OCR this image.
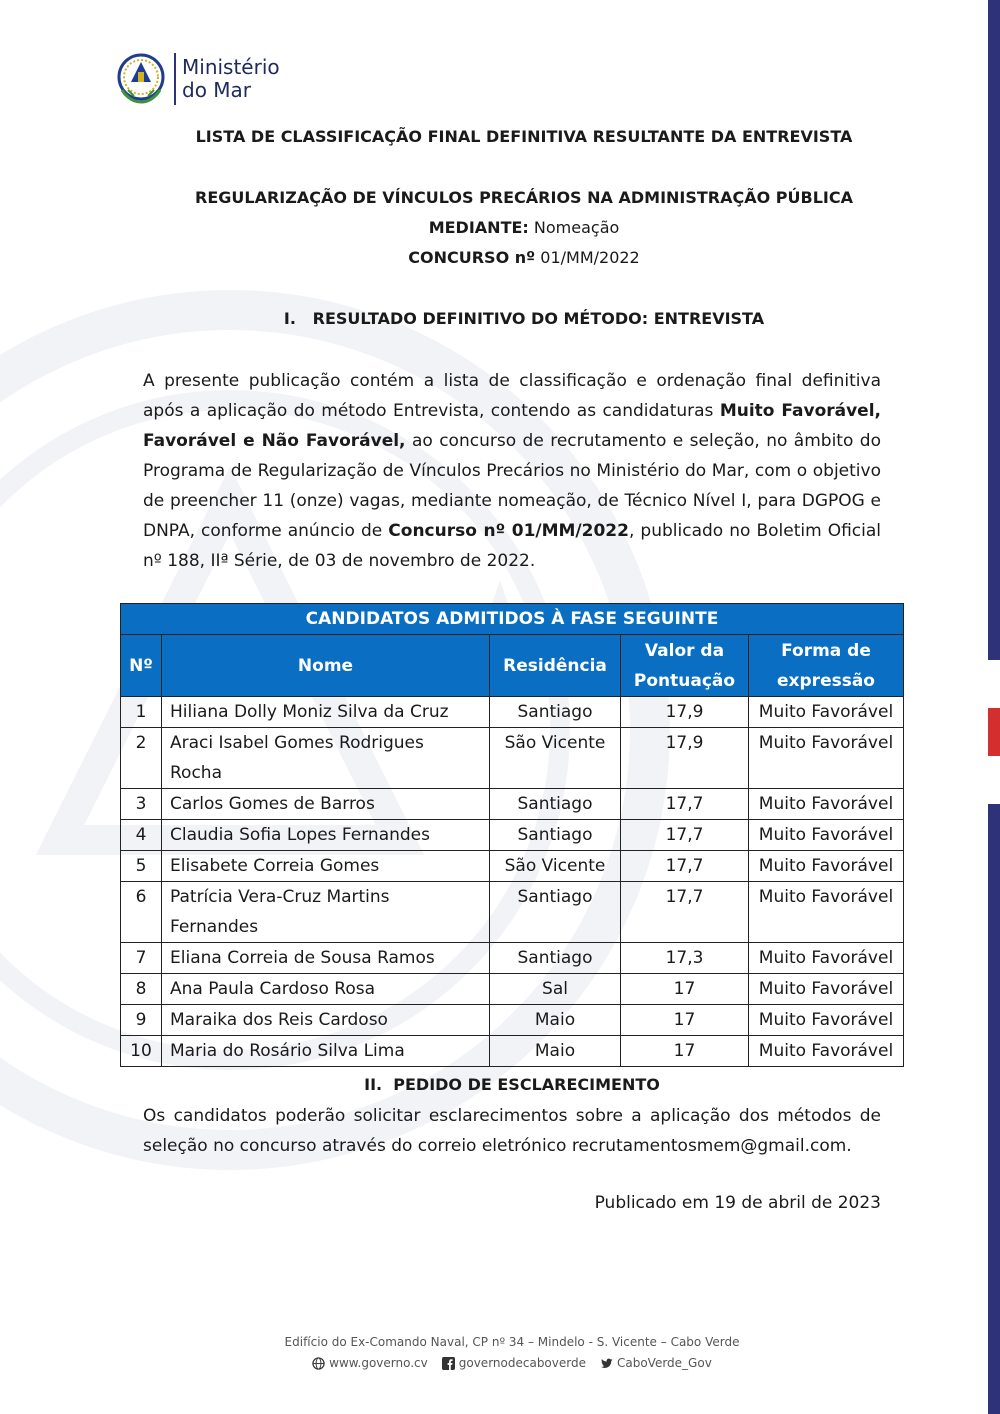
Ministério
do Mar
LISTA DE CLASSIFICAÇÃO FINAL DEFINITIVA RESULTANTE DA ENTREVISTA
REGULARIZAÇÃO DE VÍNCULOS PRECÁRIOS NA ADMINISTRAÇÃO PÚBLICA
MEDIANTE: Nomeação
CONCURSO nº 01/MM/2022
I.   RESULTADO DEFINITIVO DO MÉTODO: ENTREVISTA
A presente publicação contém a lista de classificação e ordenação final definitiva após a aplicação do método Entrevista, contendo as candidaturas Muito Favorável, Favorável e Não Favorável, ao concurso de recrutamento e seleção, no âmbito do Programa de Regularização de Vínculos Precários no Ministério do Mar, com o objetivo de preencher 11 (onze) vagas, mediante nomeação, de Técnico Nível I, para DGPOG e DNPA, conforme anúncio de Concurso nº 01/MM/2022, publicado no Boletim Oficial nº 188, IIª Série, de 03 de novembro de 2022.
CANDIDATOS ADMITIDOS À FASE SEGUINTE				
Nº	Nome	Residência	Valor da Pontuação	Forma de expressão
1	Hiliana Dolly Moniz Silva da Cruz	Santiago	17,9	Muito Favorável
2	Araci Isabel Gomes Rodrigues Rocha	São Vicente	17,9	Muito Favorável
3	Carlos Gomes de Barros	Santiago	17,7	Muito Favorável
4	Claudia Sofia Lopes Fernandes	Santiago	17,7	Muito Favorável
5	Elisabete Correia Gomes	São Vicente	17,7	Muito Favorável
6	Patrícia Vera-Cruz Martins Fernandes	Santiago	17,7	Muito Favorável
7	Eliana Correia de Sousa Ramos	Santiago	17,3	Muito Favorável
8	Ana Paula Cardoso Rosa	Sal	17	Muito Favorável
9	Maraika dos Reis Cardoso	Maio	17	Muito Favorável
10	Maria do Rosário Silva Lima	Maio	17	Muito Favorável
II.  PEDIDO DE ESCLARECIMENTO
Os candidatos poderão solicitar esclarecimentos sobre a aplicação dos métodos de seleção no concurso através do correio eletrónico recrutamentosmem@gmail.com.
Publicado em 19 de abril de 2023
Edifício do Ex-Comando Naval, CP nº 34 – Mindelo - S. Vicente – Cabo Verde
www.governo.cv	governodecaboverde	CaboVerde_Gov
